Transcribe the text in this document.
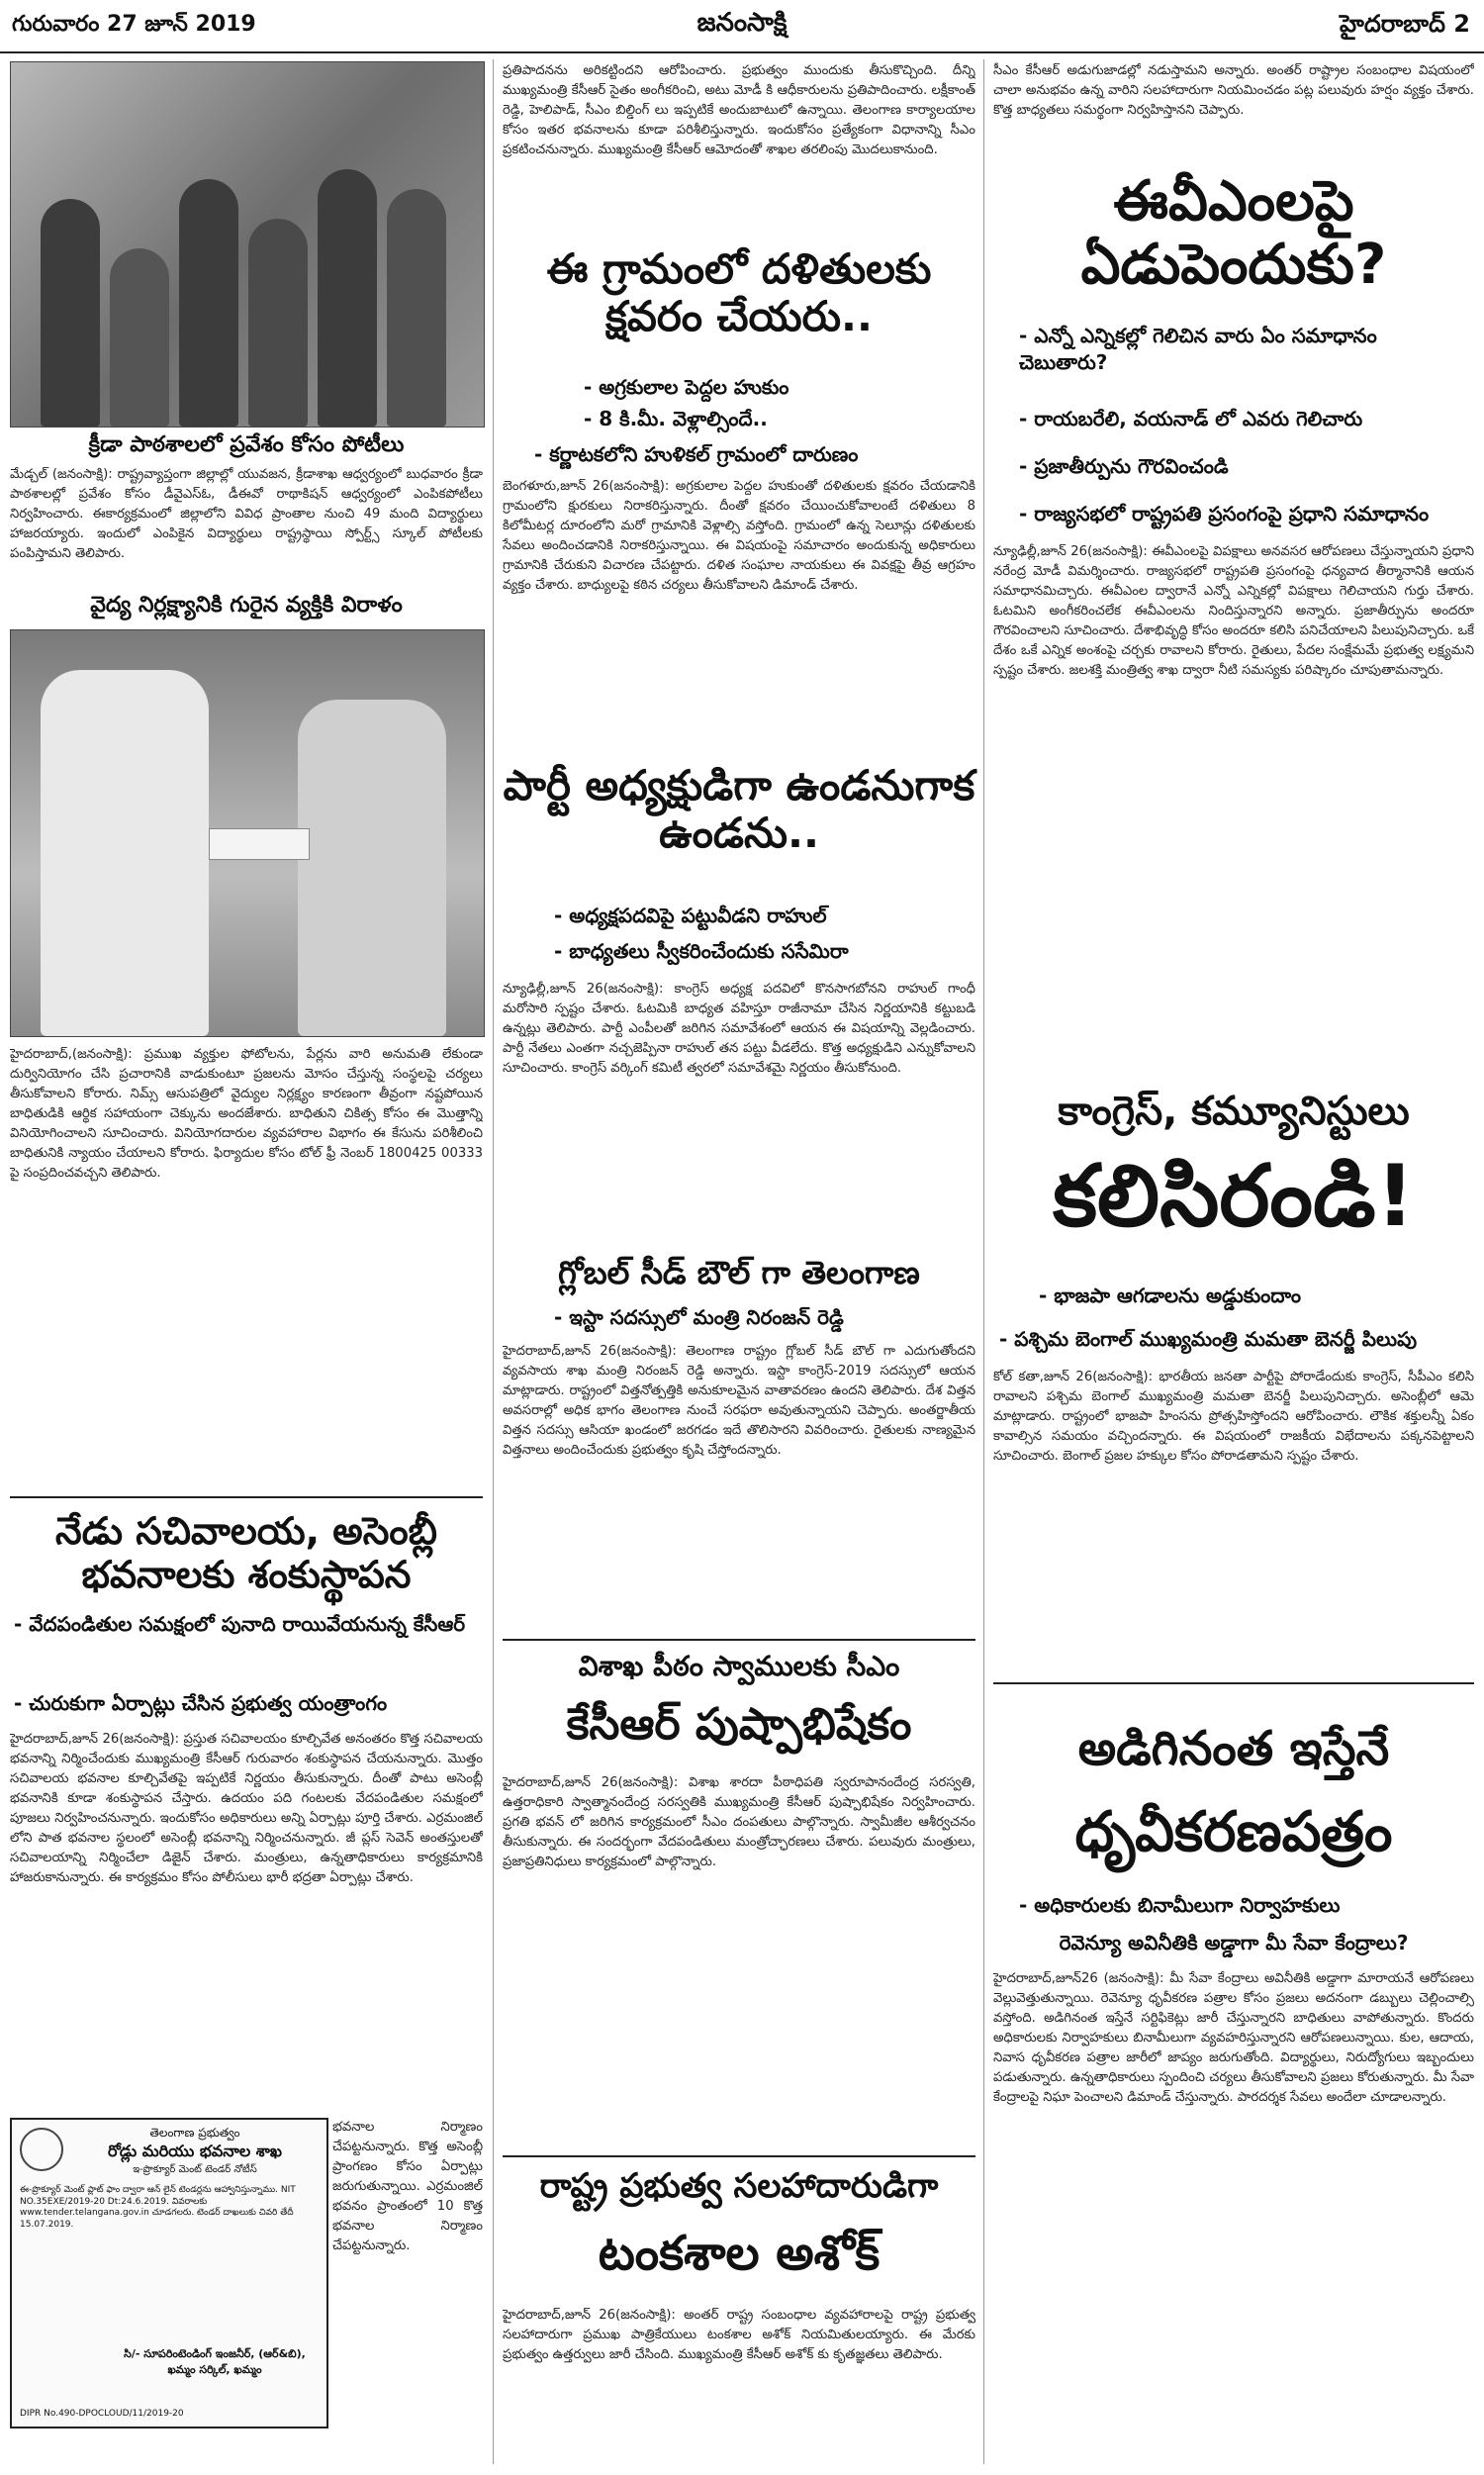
గురువారం 27 జూన్ 2019	జనంసాక్షి	హైదరాబాద్ 2
క్రీడా పాఠశాలలో ప్రవేశం కోసం పోటీలు
మేడ్చల్ (జనంసాక్షి): రాష్ట్రవ్యాప్తంగా జిల్లాల్లో యువజన, క్రీడాశాఖ ఆధ్వర్యంలో బుధవారం క్రీడా పాఠశాలల్లో ప్రవేశం కోసం డీవైఎస్ఓ, డీఈవో రాథాకిషన్ ఆధ్వర్యంలో ఎంపికపోటీలు నిర్వహించారు. ఈకార్యక్రమంలో జిల్లాలోని వివిధ ప్రాంతాల నుంచి 49 మంది విద్యార్థులు హాజరయ్యారు. ఇందులో ఎంపికైన విద్యార్థులు రాష్ట్రస్థాయి స్పోర్ట్స్ స్కూల్ పోటీలకు పంపిస్తామని తెలిపారు.
వైద్య నిర్లక్ష్యానికి గురైన వ్యక్తికి విరాళం
హైదరాబాద్,(జనంసాక్షి): ప్రముఖ వ్యక్తుల ఫోటోలను, పేర్లను వారి అనుమతి లేకుండా దుర్వినియోగం చేసి ప్రచారానికి వాడుకుంటూ ప్రజలను మోసం చేస్తున్న సంస్థలపై చర్యలు తీసుకోవాలని కోరారు. నిమ్స్ ఆసుపత్రిలో వైద్యుల నిర్లక్ష్యం కారణంగా తీవ్రంగా నష్టపోయిన బాధితుడికి ఆర్థిక సహాయంగా చెక్కును అందజేశారు. బాధితుని చికిత్స కోసం ఈ మొత్తాన్ని వినియోగించాలని సూచించారు. వినియోగదారుల వ్యవహారాల విభాగం ఈ కేసును పరిశీలించి బాధితునికి న్యాయం చేయాలని కోరారు. ఫిర్యాదుల కోసం టోల్ ఫ్రీ నెంబర్ 1800425 00333 పై సంప్రదించవచ్చని తెలిపారు.
నేడు సచివాలయ, అసెంబ్లీ భవనాలకు శంకుస్థాపన
- వేదపండితుల సమక్షంలో పునాది రాయివేయనున్న కేసీఆర్
- చురుకుగా ఏర్పాట్లు చేసిన ప్రభుత్వ యంత్రాంగం
హైదరాబాద్,జూన్ 26(జనంసాక్షి): ప్రస్తుత సచివాలయం కూల్చివేత అనంతరం కొత్త సచివాలయ భవనాన్ని నిర్మించేందుకు ముఖ్యమంత్రి కేసీఆర్ గురువారం శంకుస్థాపన చేయనున్నారు. మొత్తం సచివాలయ భవనాల కూల్చివేతపై ఇప్పటికే నిర్ణయం తీసుకున్నారు. దీంతో పాటు అసెంబ్లీ భవనానికి కూడా శంకుస్థాపన చేస్తారు. ఉదయం పది గంటలకు వేదపండితుల సమక్షంలో పూజలు నిర్వహించనున్నారు. ఇందుకోసం అధికారులు అన్ని ఏర్పాట్లు పూర్తి చేశారు. ఎర్రమంజిల్ లోని పాత భవనాల స్థలంలో అసెంబ్లీ భవనాన్ని నిర్మించనున్నారు. జీ ప్లస్ సెవెన్ అంతస్తులతో సచివాలయాన్ని నిర్మించేలా డిజైన్ చేశారు. మంత్రులు, ఉన్నతాధికారులు కార్యక్రమానికి హాజరుకానున్నారు. ఈ కార్యక్రమం కోసం పోలీసులు భారీ భద్రతా ఏర్పాట్లు చేశారు.
తెలంగాణ ప్రభుత్వం
రోడ్లు మరియు భవనాల శాఖ
ఇ-ప్రొక్యూర్ మెంట్ టెండర్ నోటీస్
ఈ-ప్రొక్యూర్ మెంట్ ప్లాట్ ఫాం ద్వారా ఆన్ లైన్ టెండర్లను ఆహ్వానిస్తున్నాము. NIT NO.35EXE/2019-20 Dt:24.6.2019. వివరాలకు www.tender.telangana.gov.in చూడగలరు. టెండర్ దాఖలుకు చివరి తేదీ 15.07.2019.
సి/- సూపరింటెండింగ్ ఇంజనీర్, (ఆర్&బి), ఖమ్మం సర్కిల్, ఖమ్మం
DIPR No.490-DPOCLOUD/11/2019-20
భవనాల నిర్మాణం చేపట్టనున్నారు. కొత్త అసెంబ్లీ ప్రాంగణం కోసం ఏర్పాట్లు జరుగుతున్నాయి. ఎర్రమంజిల్ భవనం ప్రాంతంలో 10 కొత్త భవనాల నిర్మాణం చేపట్టనున్నారు.
ప్రతిపాదనను అరికట్టిందని ఆరోపించారు. ప్రభుత్వం ముందుకు తీసుకొచ్చింది. దీన్ని ముఖ్యమంత్రి కేసీఆర్ సైతం అంగీకరించి, అటు మోడీ కి ఆధీకారులను ప్రతిపాదించారు. లక్షీకాంత్ రెడ్డి, హెలిపాడ్, సీఎం బిల్డింగ్ లు ఇప్పటికే అందుబాటులో ఉన్నాయి. తెలంగాణ కార్యాలయాల కోసం ఇతర భవనాలను కూడా పరిశీలిస్తున్నారు. ఇందుకోసం ప్రత్యేకంగా విధానాన్ని సీఎం ప్రకటించనున్నారు. ముఖ్యమంత్రి కేసీఆర్ ఆమోదంతో శాఖల తరలింపు మొదలుకానుంది.
ఈ గ్రామంలో దళితులకు క్షవరం చేయరు..
- అగ్రకులాల పెద్దల హుకుం
- 8 కి.మీ. వెళ్లాల్సిందే..
- కర్ణాటకలోని హుళికల్ గ్రామంలో దారుణం
బెంగళూరు,జూన్ 26(జనంసాక్షి): అగ్రకులాల పెద్దల హుకుంతో దళితులకు క్షవరం చేయడానికి గ్రామంలోని క్షురకులు నిరాకరిస్తున్నారు. దీంతో క్షవరం చేయించుకోవాలంటే దళితులు 8 కిలోమీటర్ల దూరంలోని మరో గ్రామానికి వెళ్లాల్సి వస్తోంది. గ్రామంలో ఉన్న సెలూన్లు దళితులకు సేవలు అందించడానికి నిరాకరిస్తున్నాయి. ఈ విషయంపై సమాచారం అందుకున్న అధికారులు గ్రామానికి చేరుకుని విచారణ చేపట్టారు. దళిత సంఘాల నాయకులు ఈ వివక్షపై తీవ్ర ఆగ్రహం వ్యక్తం చేశారు. బాధ్యులపై కఠిన చర్యలు తీసుకోవాలని డిమాండ్ చేశారు.
పార్టీ అధ్యక్షుడిగా ఉండనుగాక ఉండను..
- అధ్యక్షపదవిపై పట్టువీడని రాహుల్
- బాధ్యతలు స్వీకరించేందుకు ససేమిరా
న్యూఢిల్లీ,జూన్ 26(జనంసాక్షి): కాంగ్రెస్ అధ్యక్ష పదవిలో కొనసాగబోనని రాహుల్ గాంధీ మరోసారి స్పష్టం చేశారు. ఓటమికి బాధ్యత వహిస్తూ రాజీనామా చేసిన నిర్ణయానికి కట్టుబడి ఉన్నట్లు తెలిపారు. పార్టీ ఎంపీలతో జరిగిన సమావేశంలో ఆయన ఈ విషయాన్ని వెల్లడించారు. పార్టీ నేతలు ఎంతగా నచ్చజెప్పినా రాహుల్ తన పట్టు వీడలేదు. కొత్త అధ్యక్షుడిని ఎన్నుకోవాలని సూచించారు. కాంగ్రెస్ వర్కింగ్ కమిటీ త్వరలో సమావేశమై నిర్ణయం తీసుకోనుంది.
గ్లోబల్ సీడ్ బౌల్ గా తెలంగాణ
- ఇస్టా సదస్సులో మంత్రి నిరంజన్ రెడ్డి
హైదరాబాద్,జూన్ 26(జనంసాక్షి): తెలంగాణ రాష్ట్రం గ్లోబల్ సీడ్ బౌల్ గా ఎదుగుతోందని వ్యవసాయ శాఖ మంత్రి నిరంజన్ రెడ్డి అన్నారు. ఇస్టా కాంగ్రెస్-2019 సదస్సులో ఆయన మాట్లాడారు. రాష్ట్రంలో విత్తనోత్పత్తికి అనుకూలమైన వాతావరణం ఉందని తెలిపారు. దేశ విత్తన అవసరాల్లో అధిక భాగం తెలంగాణ నుంచే సరఫరా అవుతున్నాయని చెప్పారు. అంతర్జాతీయ విత్తన సదస్సు ఆసియా ఖండంలో జరగడం ఇదే తొలిసారని వివరించారు. రైతులకు నాణ్యమైన విత్తనాలు అందించేందుకు ప్రభుత్వం కృషి చేస్తోందన్నారు.
విశాఖ పీఠం స్వాములకు సీఎం
కేసీఆర్ పుష్పాభిషేకం
హైదరాబాద్,జూన్ 26(జనంసాక్షి): విశాఖ శారదా పీఠాధిపతి స్వరూపానందేంద్ర సరస్వతి, ఉత్తరాధికారి స్వాత్మానందేంద్ర సరస్వతికి ముఖ్యమంత్రి కేసీఆర్ పుష్పాభిషేకం నిర్వహించారు. ప్రగతి భవన్ లో జరిగిన కార్యక్రమంలో సీఎం దంపతులు పాల్గొన్నారు. స్వామీజీల ఆశీర్వచనం తీసుకున్నారు. ఈ సందర్భంగా వేదపండితులు మంత్రోచ్ఛారణలు చేశారు. పలువురు మంత్రులు, ప్రజాప్రతినిధులు కార్యక్రమంలో పాల్గొన్నారు.
రాష్ట్ర ప్రభుత్వ సలహాదారుడిగా
టంకశాల అశోక్
హైదరాబాద్,జూన్ 26(జనంసాక్షి): అంతర్ రాష్ట్ర సంబంధాల వ్యవహారాలపై రాష్ట్ర ప్రభుత్వ సలహాదారుగా ప్రముఖ పాత్రికేయులు టంకశాల అశోక్ నియమితులయ్యారు. ఈ మేరకు ప్రభుత్వం ఉత్తర్వులు జారీ చేసింది. ముఖ్యమంత్రి కేసీఆర్ అశోక్ కు కృతజ్ఞతలు తెలిపారు.
సీఎం కేసీఆర్ అడుగుజాడల్లో నడుస్తామని అన్నారు. అంతర్ రాష్ట్రాల సంబంధాల విషయంలో చాలా అనుభవం ఉన్న వారిని సలహాదారుగా నియమించడం పట్ల పలువురు హర్షం వ్యక్తం చేశారు. కొత్త బాధ్యతలు సమర్థంగా నిర్వహిస్తానని చెప్పారు.
ఈవీఎంలపై ఏడుపెందుకు?
- ఎన్నో ఎన్నికల్లో గెలిచిన వారు ఏం సమాధానం చెబుతారు?
- రాయబరేలి, వయనాడ్ లో ఎవరు గెలిచారు
- ప్రజాతీర్పును గౌరవించండి
- రాజ్యసభలో రాష్ట్రపతి ప్రసంగంపై ప్రధాని సమాధానం
న్యూఢిల్లీ,జూన్ 26(జనంసాక్షి): ఈవీఎంలపై విపక్షాలు అనవసర ఆరోపణలు చేస్తున్నాయని ప్రధాని నరేంద్ర మోడీ విమర్శించారు. రాజ్యసభలో రాష్ట్రపతి ప్రసంగంపై ధన్యవాద తీర్మానానికి ఆయన సమాధానమిచ్చారు. ఈవీఎంల ద్వారానే ఎన్నో ఎన్నికల్లో విపక్షాలు గెలిచాయని గుర్తు చేశారు. ఓటమిని అంగీకరించలేక ఈవీఎంలను నిందిస్తున్నారని అన్నారు. ప్రజాతీర్పును అందరూ గౌరవించాలని సూచించారు. దేశాభివృద్ధి కోసం అందరూ కలిసి పనిచేయాలని పిలుపునిచ్చారు. ఒకే దేశం ఒకే ఎన్నిక అంశంపై చర్చకు రావాలని కోరారు. రైతులు, పేదల సంక్షేమమే ప్రభుత్వ లక్ష్యమని స్పష్టం చేశారు. జలశక్తి మంత్రిత్వ శాఖ ద్వారా నీటి సమస్యకు పరిష్కారం చూపుతామన్నారు.
కాంగ్రెస్, కమ్యూనిస్టులు
కలిసిరండి!
- భాజపా ఆగడాలను అడ్డుకుందాం
- పశ్చిమ బెంగాల్ ముఖ్యమంత్రి మమతా బెనర్జీ పిలుపు
కోల్ కతా,జూన్ 26(జనంసాక్షి): భారతీయ జనతా పార్టీపై పోరాడేందుకు కాంగ్రెస్, సీపీఎం కలిసి రావాలని పశ్చిమ బెంగాల్ ముఖ్యమంత్రి మమతా బెనర్జీ పిలుపునిచ్చారు. అసెంబ్లీలో ఆమె మాట్లాడారు. రాష్ట్రంలో భాజపా హింసను ప్రోత్సహిస్తోందని ఆరోపించారు. లౌకిక శక్తులన్నీ ఏకం కావాల్సిన సమయం వచ్చిందన్నారు. ఈ విషయంలో రాజకీయ విభేదాలను పక్కనపెట్టాలని సూచించారు. బెంగాల్ ప్రజల హక్కుల కోసం పోరాడతామని స్పష్టం చేశారు.
అడిగినంత ఇస్తేనే
ధృవీకరణపత్రం
- అధికారులకు బినామీలుగా నిర్వాహకులు
రెవెన్యూ అవినీతికి అడ్డాగా మీ సేవా కేంద్రాలు?
హైదరాబాద్,జూన్26 (జనంసాక్షి): మీ సేవా కేంద్రాలు అవినీతికి అడ్డాగా మారాయనే ఆరోపణలు వెల్లువెత్తుతున్నాయి. రెవెన్యూ ధృవీకరణ పత్రాల కోసం ప్రజలు అదనంగా డబ్బులు చెల్లించాల్సి వస్తోంది. అడిగినంత ఇస్తేనే సర్టిఫికెట్లు జారీ చేస్తున్నారని బాధితులు వాపోతున్నారు. కొందరు అధికారులకు నిర్వాహకులు బినామీలుగా వ్యవహరిస్తున్నారని ఆరోపణలున్నాయి. కుల, ఆదాయ, నివాస ధృవీకరణ పత్రాల జారీలో జాప్యం జరుగుతోంది. విద్యార్థులు, నిరుద్యోగులు ఇబ్బందులు పడుతున్నారు. ఉన్నతాధికారులు స్పందించి చర్యలు తీసుకోవాలని ప్రజలు కోరుతున్నారు. మీ సేవా కేంద్రాలపై నిఘా పెంచాలని డిమాండ్ చేస్తున్నారు. పారదర్శక సేవలు అందేలా చూడాలన్నారు.
